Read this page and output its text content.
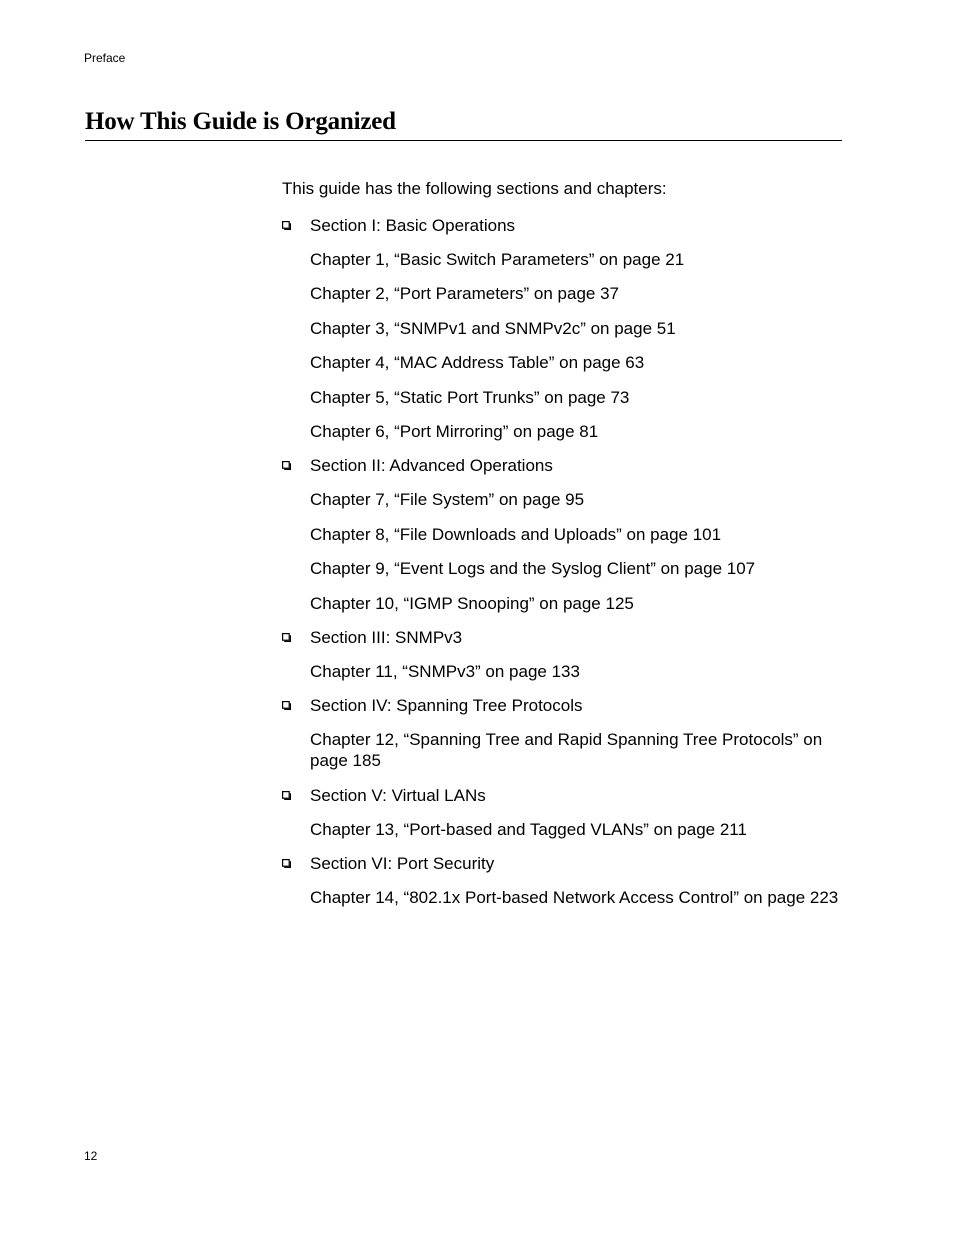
Preface
How This Guide is Organized

This guide has the following sections and chapters:

Section I: Basic Operations

Chapter 1, “Basic Switch Parameters” on page 21

Chapter 2, “Port Parameters” on page 37

Chapter 3, “SNMPv1 and SNMPv2c” on page 51

Chapter 4, “MAC Address Table” on page 63

Chapter 5, “Static Port Trunks” on page 73

Chapter 6, “Port Mirroring” on page 81

Section II: Advanced Operations

Chapter 7, “File System” on page 95

Chapter 8, “File Downloads and Uploads” on page 101

Chapter 9, “Event Logs and the Syslog Client” on page 107

Chapter 10, “IGMP Snooping” on page 125

Section III: SNMPv3

Chapter 11, “SNMPv3” on page 133

Section IV: Spanning Tree Protocols

Chapter 12, “Spanning Tree and Rapid Spanning Tree Protocols” on page 185

Section V: Virtual LANs

Chapter 13, “Port-based and Tagged VLANs” on page 211

Section VI: Port Security

Chapter 14, “802.1x Port-based Network Access Control” on page 223

12
